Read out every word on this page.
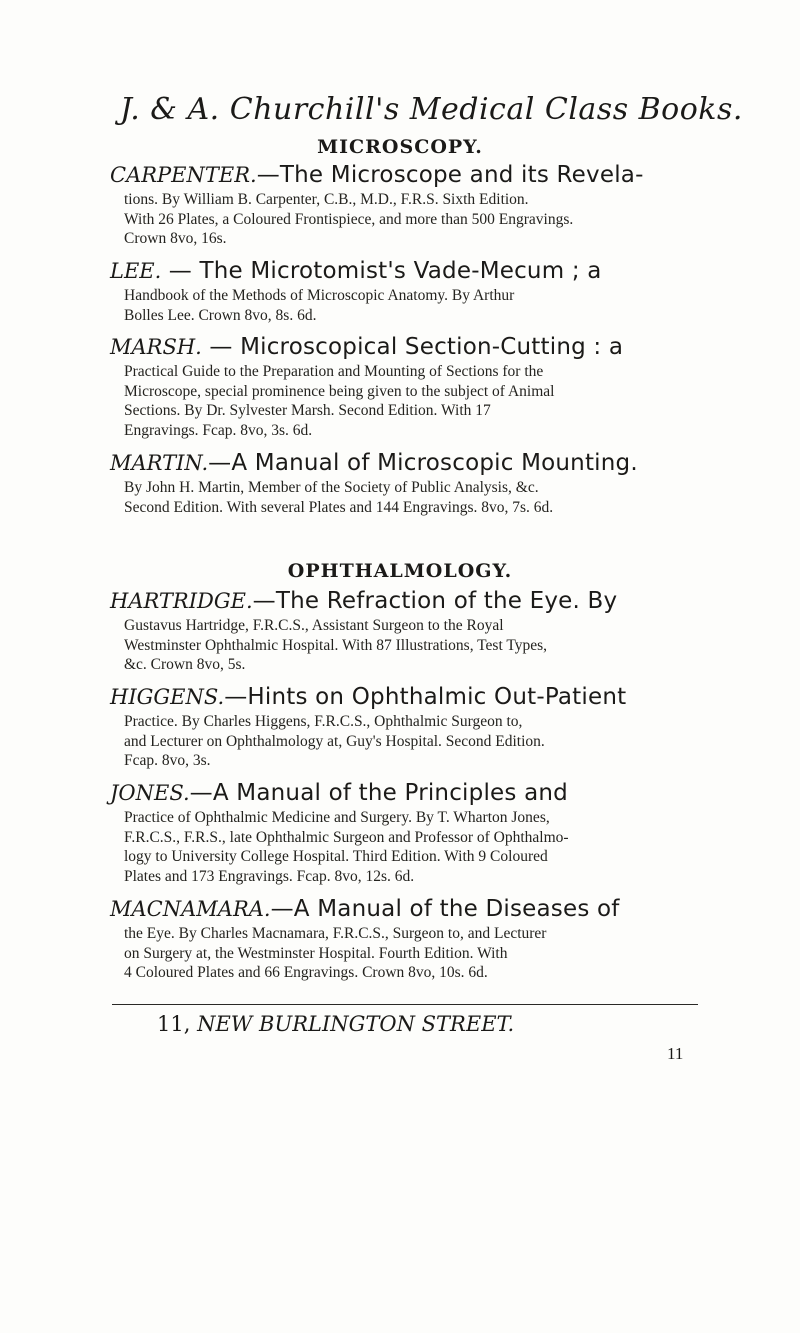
J. & A. Churchill's Medical Class Books.
MICROSCOPY.
CARPENTER.—The Microscope and its Revela-
tions. By William B. Carpenter, C.B., M.D., F.R.S. Sixth Edition.
With 26 Plates, a Coloured Frontispiece, and more than 500 Engravings.
Crown 8vo, 16s.
LEE. — The Microtomist's Vade-Mecum ; a
Handbook of the Methods of Microscopic Anatomy. By Arthur
Bolles Lee. Crown 8vo, 8s. 6d.
MARSH. — Microscopical Section-Cutting : a
Practical Guide to the Preparation and Mounting of Sections for the
Microscope, special prominence being given to the subject of Animal
Sections. By Dr. Sylvester Marsh. Second Edition. With 17
Engravings. Fcap. 8vo, 3s. 6d.
MARTIN.—A Manual of Microscopic Mounting.
By John H. Martin, Member of the Society of Public Analysis, &c.
Second Edition. With several Plates and 144 Engravings. 8vo, 7s. 6d.
OPHTHALMOLOGY.
HARTRIDGE.—The Refraction of the Eye. By
Gustavus Hartridge, F.R.C.S., Assistant Surgeon to the Royal
Westminster Ophthalmic Hospital. With 87 Illustrations, Test Types,
&c. Crown 8vo, 5s.
HIGGENS.—Hints on Ophthalmic Out-Patient
Practice. By Charles Higgens, F.R.C.S., Ophthalmic Surgeon to,
and Lecturer on Ophthalmology at, Guy's Hospital. Second Edition.
Fcap. 8vo, 3s.
JONES.—A Manual of the Principles and
Practice of Ophthalmic Medicine and Surgery. By T. Wharton Jones,
F.R.C.S., F.R.S., late Ophthalmic Surgeon and Professor of Ophthalmo-
logy to University College Hospital. Third Edition. With 9 Coloured
Plates and 173 Engravings. Fcap. 8vo, 12s. 6d.
MACNAMARA.—A Manual of the Diseases of
the Eye. By Charles Macnamara, F.R.C.S., Surgeon to, and Lecturer
on Surgery at, the Westminster Hospital. Fourth Edition. With
4 Coloured Plates and 66 Engravings. Crown 8vo, 10s. 6d.
11, NEW BURLINGTON STREET.
11
